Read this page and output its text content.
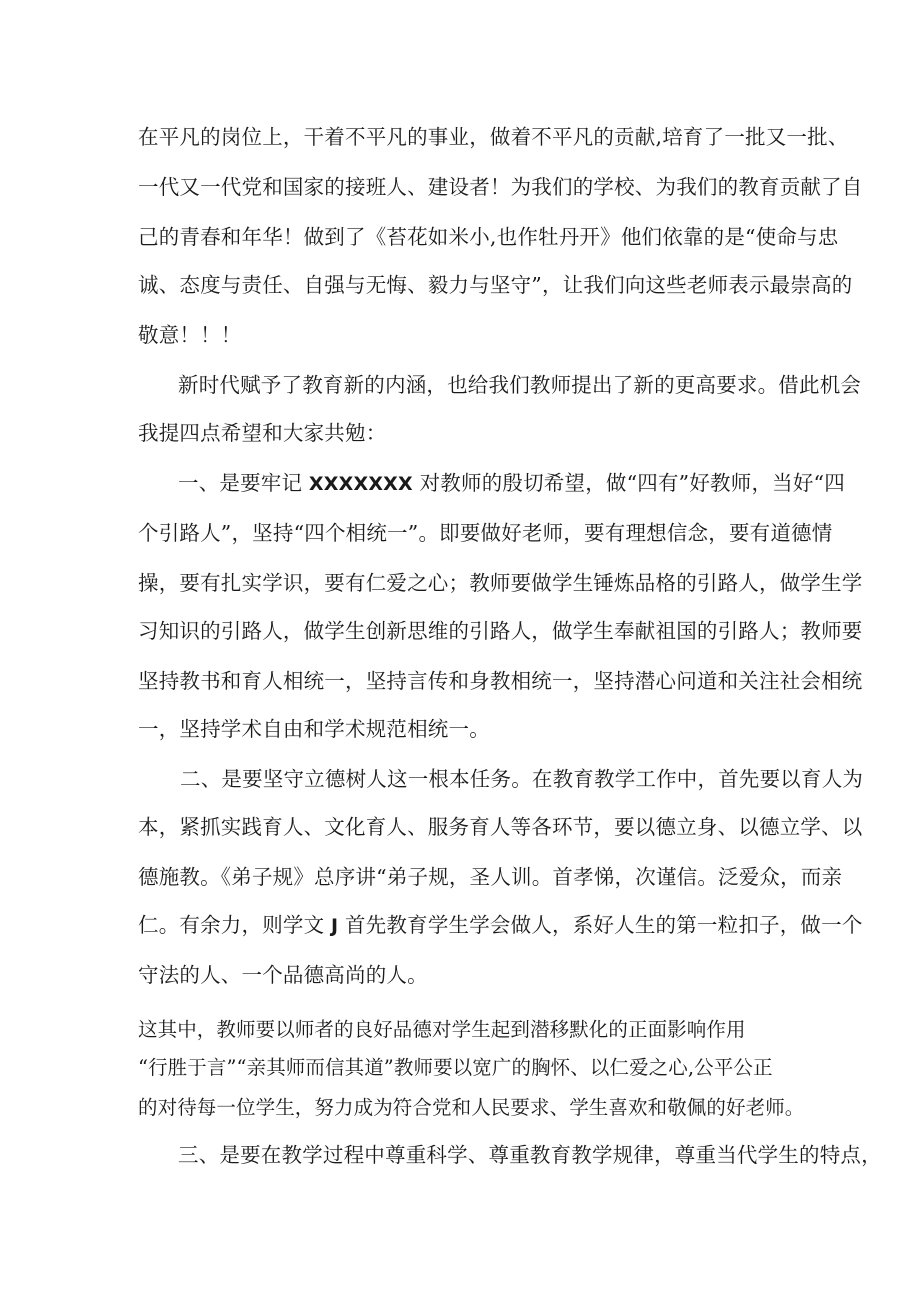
在平凡的岗位上，干着不平凡的事业，做着不平凡的贡献,培育了一批又一批、
一代又一代党和国家的接班人、建设者！为我们的学校、为我们的教育贡献了自
己的青春和年华！做到了《苔花如米小,也作牡丹开》他们依靠的是“使命与忠
诚、态度与责任、自强与无悔、毅力与坚守”，让我们向这些老师表示最崇高的
敬意！！！
新时代赋予了教育新的内涵，也给我们教师提出了新的更高要求。借此机会
我提四点希望和大家共勉：
一、是要牢记 XXXXXXX 对教师的殷切希望，做“四有”好教师，当好“四
个引路人”，坚持“四个相统一”。即要做好老师，要有理想信念，要有道德情
操，要有扎实学识，要有仁爱之心；教师要做学生锤炼品格的引路人，做学生学
习知识的引路人，做学生创新思维的引路人，做学生奉献祖国的引路人；教师要
坚持教书和育人相统一，坚持言传和身教相统一，坚持潜心问道和关注社会相统
一，坚持学术自由和学术规范相统一。
二、是要坚守立德树人这一根本任务。在教育教学工作中，首先要以育人为
本，紧抓实践育人、文化育人、服务育人等各环节，要以德立身、以德立学、以
德施教。《弟子规》总序讲“弟子规，圣人训。首孝悌，次谨信。泛爱众，而亲
仁。有余力，则学文 J 首先教育学生学会做人，系好人生的第一粒扣子，做一个
守法的人、一个品德高尚的人。
这其中，教师要以师者的良好品德对学生起到潜移默化的正面影响作用
“行胜于言”“亲其师而信其道”教师要以宽广的胸怀、以仁爱之心,公平公正
的对待每一位学生，努力成为符合党和人民要求、学生喜欢和敬佩的好老师。
三、是要在教学过程中尊重科学、尊重教育教学规律，尊重当代学生的特点，
